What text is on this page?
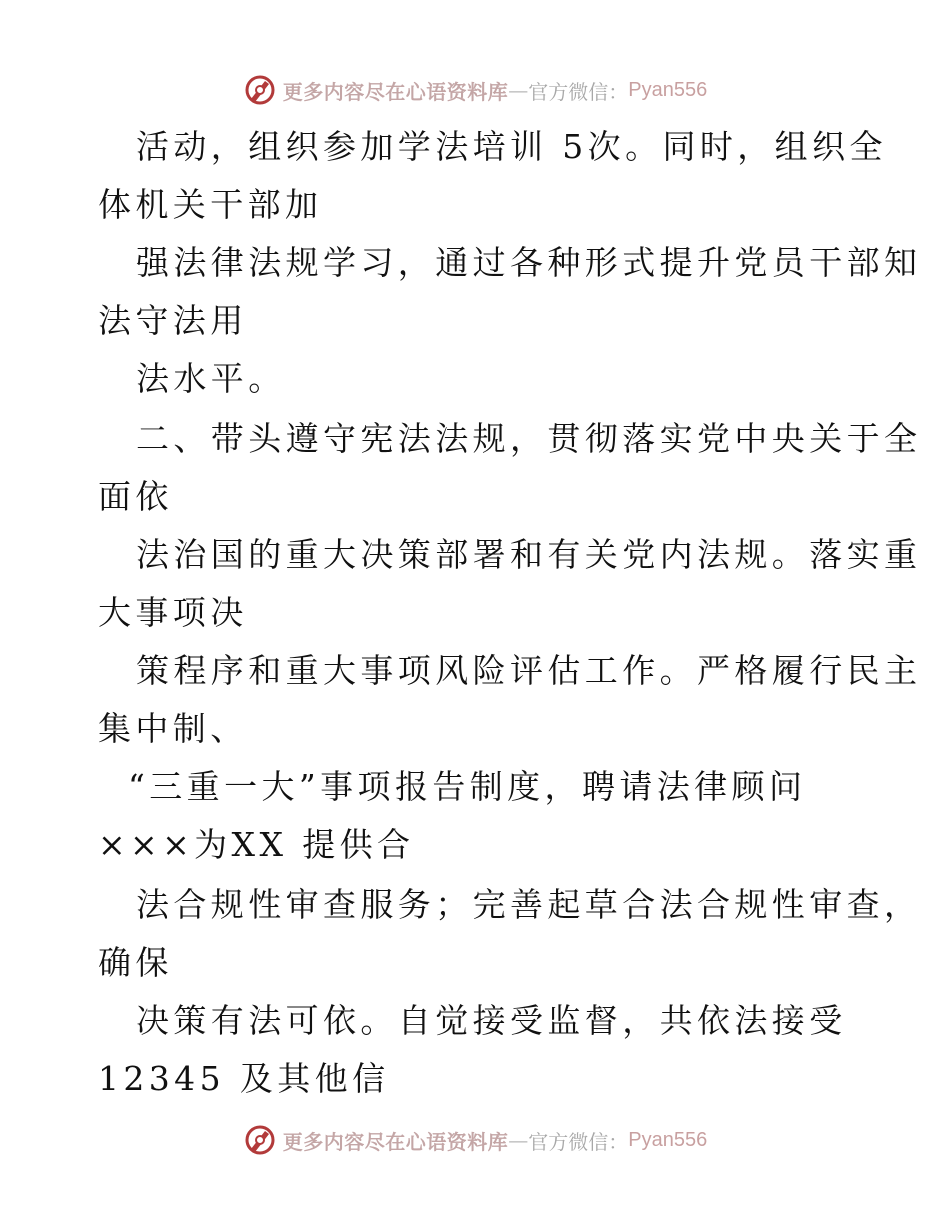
更多内容尽在心语资料库 — 官方微信： Pyan556
活动，组织参加学法培训 5次。同时，组织全
体机关干部加
强法律法规学习，通过各种形式提升党员干部知
法守法用
法水平。
二、带头遵守宪法法规，贯彻落实党中央关于全
面依
法治国的重大决策部署和有关党内法规。落实重
大事项决
策程序和重大事项风险评估工作。严格履行民主
集中制、
“三重一大”事项报告制度，聘请法律顾问
×××为XX 提供合
法合规性审查服务；完善起草合法合规性审查，
确保
决策有法可依。自觉接受监督，共依法接受
12345 及其他信
更多内容尽在心语资料库 — 官方微信： Pyan556
